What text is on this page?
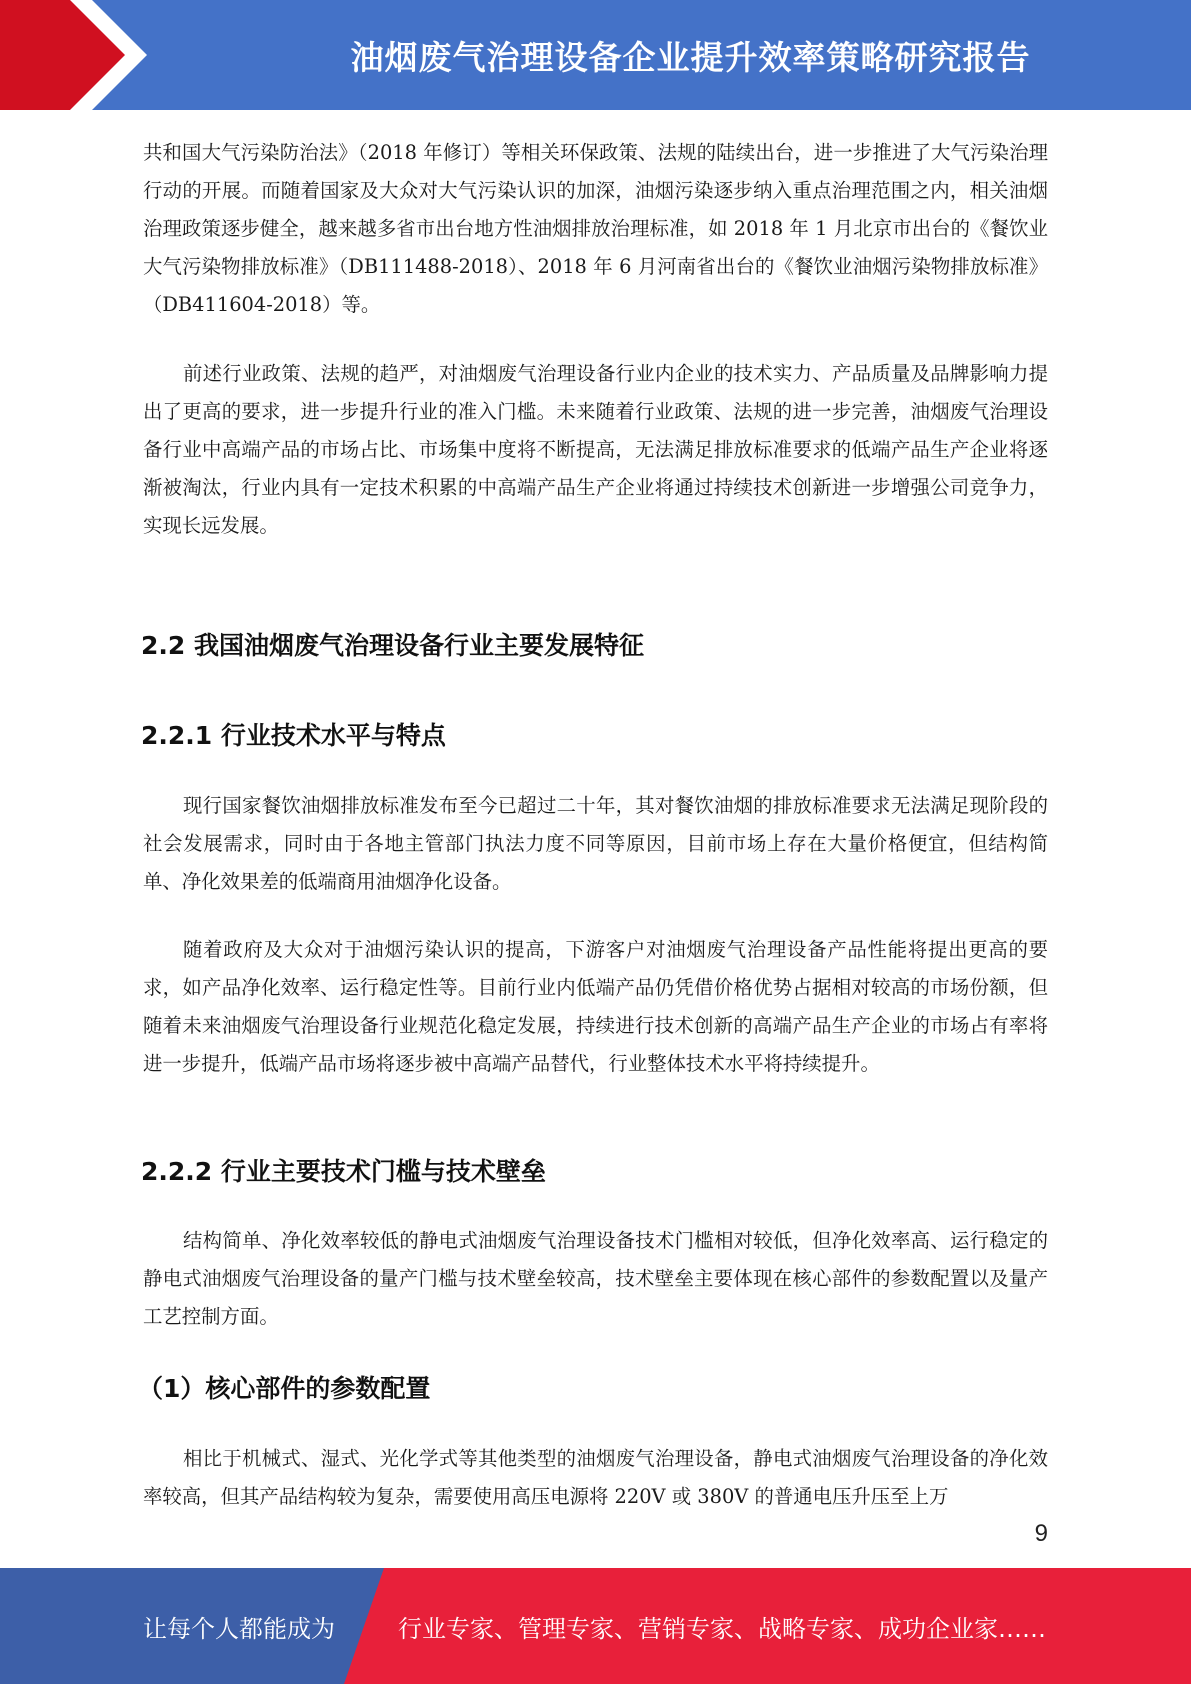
油烟废气治理设备企业提升效率策略研究报告

共和国大气污染防治法》（2018 年修订）等相关环保政策、法规的陆续出台，进一步推进了大气污染治理行动的开展。而随着国家及大众对大气污染认识的加深，油烟污染逐步纳入重点治理范围之内，相关油烟治理政策逐步健全，越来越多省市出台地方性油烟排放治理标准，如 2018 年 1 月北京市出台的《餐饮业大气污染物排放标准》（DB111488-2018）、2018 年 6 月河南省出台的《餐饮业油烟污染物排放标准》（DB411604-2018）等。

前述行业政策、法规的趋严，对油烟废气治理设备行业内企业的技术实力、产品质量及品牌影响力提出了更高的要求，进一步提升行业的准入门槛。未来随着行业政策、法规的进一步完善，油烟废气治理设备行业中高端产品的市场占比、市场集中度将不断提高，无法满足排放标准要求的低端产品生产企业将逐渐被淘汰，行业内具有一定技术积累的中高端产品生产企业将通过持续技术创新进一步增强公司竞争力，实现长远发展。

2.2 我国油烟废气治理设备行业主要发展特征
2.2.1 行业技术水平与特点

现行国家餐饮油烟排放标准发布至今已超过二十年，其对餐饮油烟的排放标准要求无法满足现阶段的社会发展需求，同时由于各地主管部门执法力度不同等原因，目前市场上存在大量价格便宜，但结构简单、净化效果差的低端商用油烟净化设备。

随着政府及大众对于油烟污染认识的提高，下游客户对油烟废气治理设备产品性能将提出更高的要求，如产品净化效率、运行稳定性等。目前行业内低端产品仍凭借价格优势占据相对较高的市场份额，但随着未来油烟废气治理设备行业规范化稳定发展，持续进行技术创新的高端产品生产企业的市场占有率将进一步提升，低端产品市场将逐步被中高端产品替代，行业整体技术水平将持续提升。

2.2.2 行业主要技术门槛与技术壁垒

结构简单、净化效率较低的静电式油烟废气治理设备技术门槛相对较低，但净化效率高、运行稳定的静电式油烟废气治理设备的量产门槛与技术壁垒较高，技术壁垒主要体现在核心部件的参数配置以及量产工艺控制方面。

（1）核心部件的参数配置

相比于机械式、湿式、光化学式等其他类型的油烟废气治理设备，静电式油烟废气治理设备的净化效率较高，但其产品结构较为复杂，需要使用高压电源将 220V 或 380V 的普通电压升压至上万

9
让每个人都能成为	行业专家、管理专家、营销专家、战略专家、成功企业家……
